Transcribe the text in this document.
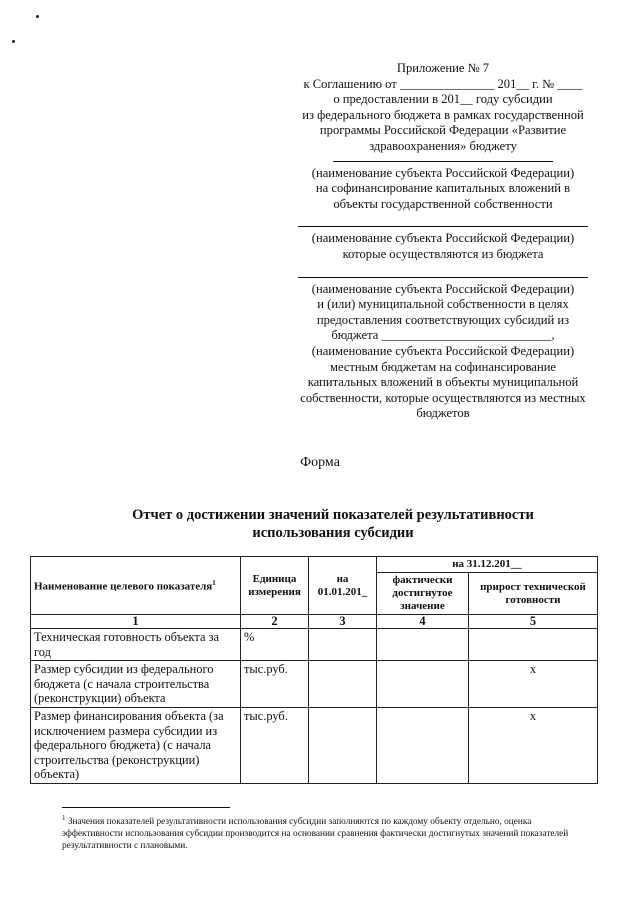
Приложение № 7
к Соглашению от _______________ 201__ г. № ____
о предоставлении в 201__ году субсидии
из федерального бюджета в рамках государственной
программы Российской Федерации «Развитие
здравоохранения» бюджету
(наименование субъекта Российской Федерации)
на софинансирование капитальных вложений в
объекты государственной собственности
(наименование субъекта Российской Федерации)
которые осуществляются из бюджета
(наименование субъекта Российской Федерации)
и (или) муниципальной собственности в целях
предоставления соответствующих субсидий из
бюджета ___________________________,
(наименование субъекта Российской Федерации)
местным бюджетам на софинансирование
капитальных вложений в объекты муниципальной
собственности, которые осуществляются из местных
бюджетов
Форма
Отчет о достижении значений показателей результативности
использования субсидии
Наименование целевого показателя$^1$	Единица измерения	на 01.01.201_	на 31.12.201__	
			фактически достигнутое значение	прирост технической готовности
1	2	3	4	5
Техническая готовность объекта за год	%			
Размер субсидии из федерального бюджета (с начала строительства (реконструкции) объекта	тыс.руб.			х
Размер финансирования объекта (за исключением размера субсидии из федерального бюджета) (с начала строительства (реконструкции) объекта)	тыс.руб.			х
$^1$ Значения показателей результативности использования субсидии заполняются по каждому объекту отдельно, оценка эффективности использования субсидии производится на основании сравнения фактически достигнутых значений показателей результативности с плановыми.
